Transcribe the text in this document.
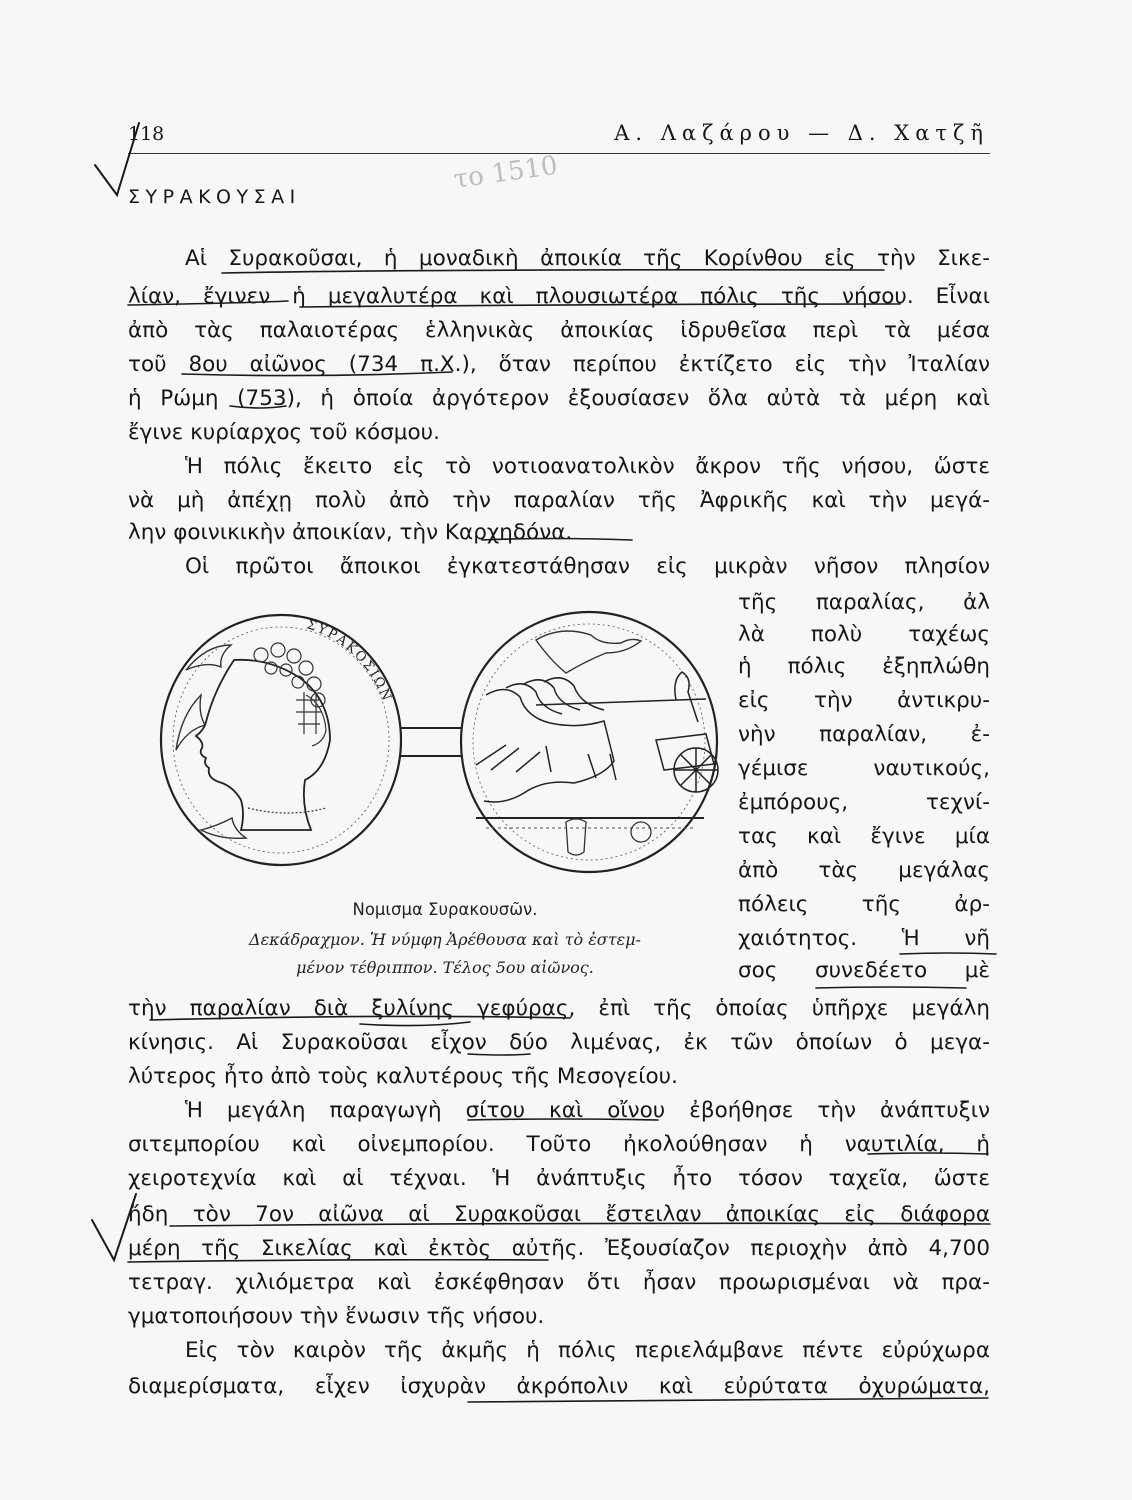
118	Α. Λαζάρου — Δ. Χατζῆ
ΣΥΡΑΚΟΥΣΑΙ
Αἱ Συρακοῦσαι, ἡ μοναδικὴ ἀποικία τῆς Κορίνθου εἰς τὴν Σικε-
λίαν, ἔγινεν ἡ μεγαλυτέρα καὶ πλουσιωτέρα πόλις τῆς νήσου. Εἶναι
ἀπὸ τὰς παλαιοτέρας ἑλληνικὰς ἀποικίας ἱδρυθεῖσα περὶ τὰ μέσα
τοῦ 8ου αἰῶνος (734 π.Χ.), ὅταν περίπου ἐκτίζετο εἰς τὴν Ἰταλίαν
ἡ Ρώμη (753), ἡ ὁποία ἀργότερον ἐξουσίασεν ὅλα αὐτὰ τὰ μέρη καὶ
ἔγινε κυρίαρχος τοῦ κόσμου.
Ἡ πόλις ἔκειτο εἰς τὸ νοτιοανατολικὸν ἄκρον τῆς νήσου, ὥστε
νὰ μὴ ἀπέχῃ πολὺ ἀπὸ τὴν παραλίαν τῆς Ἀφρικῆς καὶ τὴν μεγά-
λην φοινικικὴν ἀποικίαν, τὴν Καρχηδόνα.
Οἱ πρῶτοι ἄποικοι ἐγκατεστάθησαν εἰς μικρὰν νῆσον πλησίον
τῆς παραλίας, ἀλ
λὰ πολὺ ταχέως
ἡ πόλις ἐξηπλώθη
εἰς τὴν ἀντικρυ-
νὴν παραλίαν, ἐ-
γέμισε ναυτικούς,
ἐμπόρους, τεχνί-
τας καὶ ἔγινε μία
ἀπὸ τὰς μεγάλας
πόλεις τῆς ἀρ-
χαιότητος. Ἡ νῆ
σος συνεδέετο μὲ
ΣΥΡΑΚΟΣΙΩΝ
Νομισμα Συρακουσῶν.
Δεκάδραχμον. Ἡ νύμφη Ἀρέθουσα καὶ τὸ ἐστεμ-
μένον τέθριππον. Τέλος 5ου αἰῶνος.
τὴν παραλίαν διὰ ξυλίνης γεφύρας, ἐπὶ τῆς ὁποίας ὑπῆρχε μεγάλη
κίνησις. Αἱ Συρακοῦσαι εἶχον δύο λιμένας, ἐκ τῶν ὁποίων ὁ μεγα-
λύτερος ἦτο ἀπὸ τοὺς καλυτέρους τῆς Μεσογείου.
Ἡ μεγάλη παραγωγὴ σίτου καὶ οἴνου ἐβοήθησε τὴν ἀνάπτυξιν
σιτεμπορίου καὶ οἰνεμπορίου. Τοῦτο ἠκολούθησαν ἡ ναυτιλία, ἡ
χειροτεχνία καὶ αἱ τέχναι. Ἡ ἀνάπτυξις ἦτο τόσον ταχεῖα, ὥστε
ἤδη τὸν 7ον αἰῶνα αἱ Συρακοῦσαι ἔστειλαν ἀποικίας εἰς διάφορα
μέρη τῆς Σικελίας καὶ ἐκτὸς αὐτῆς. Ἐξουσίαζον περιοχὴν ἀπὸ 4,700
τετραγ. χιλιόμετρα καὶ ἐσκέφθησαν ὅτι ἦσαν προωρισμέναι νὰ πρα-
γματοποιήσουν τὴν ἕνωσιν τῆς νήσου.
Εἰς τὸν καιρὸν τῆς ἀκμῆς ἡ πόλις περιελάμβανε πέντε εὐρύχωρα
διαμερίσματα, εἶχεν ἰσχυρὰν ἀκρόπολιν καὶ εὐρύτατα ὀχυρώματα,
το 1510
